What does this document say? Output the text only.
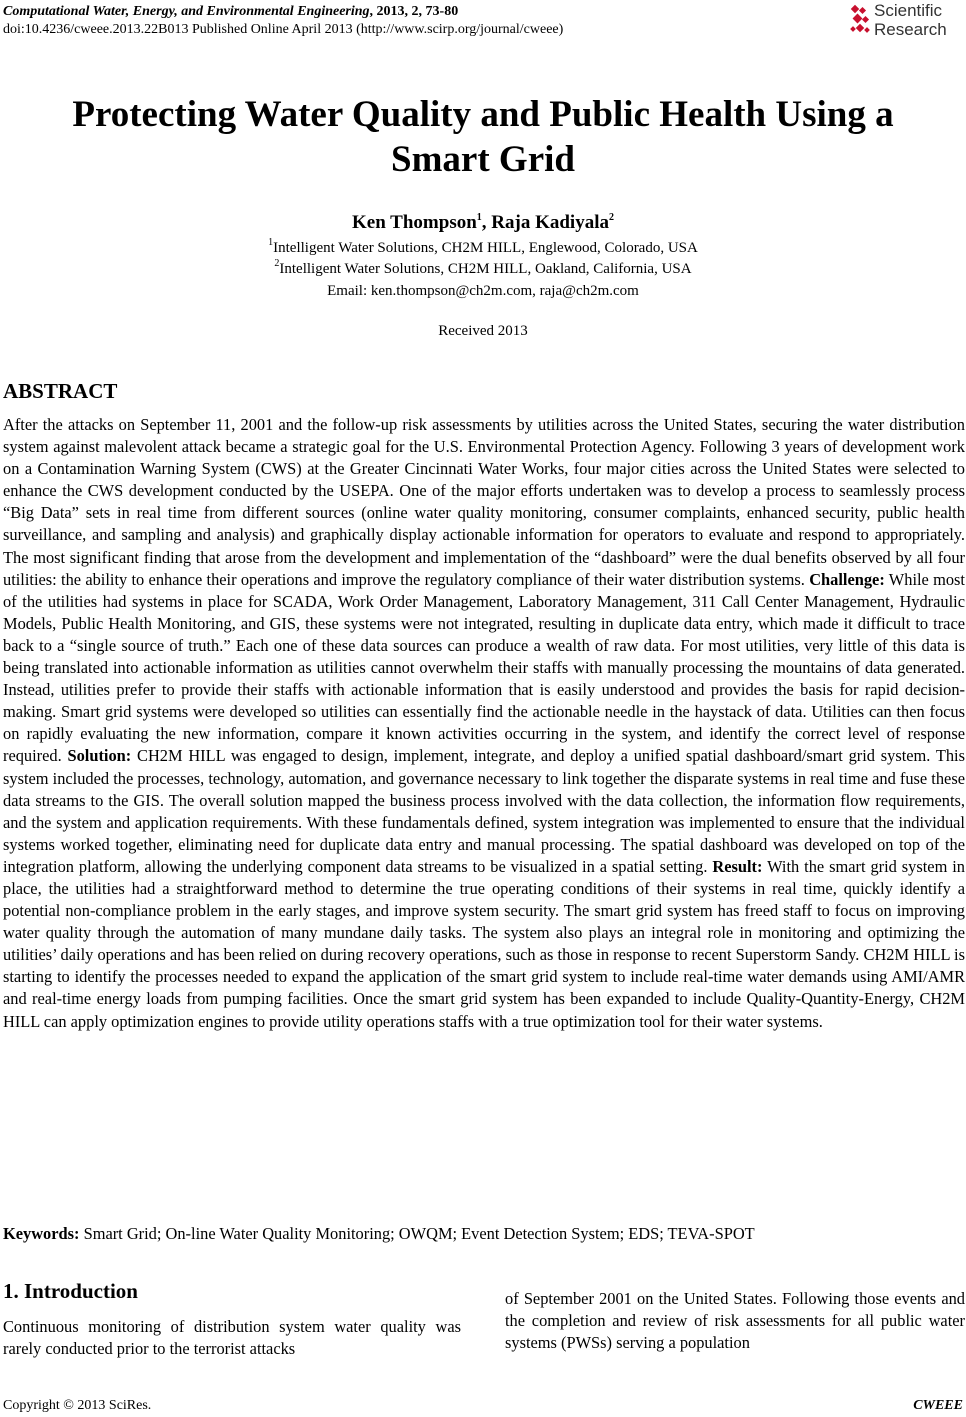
Computational Water, Energy, and Environmental Engineering, 2013, 2, 73-80
doi:10.4236/cweee.2013.22B013 Published Online April 2013 (http://www.scirp.org/journal/cweee)
Scientific
Research
Protecting Water Quality and Public Health Using a
Smart Grid
Ken Thompson$^1$, Raja Kadiyala$^2$
$^1$Intelligent Water Solutions, CH2M HILL, Englewood, Colorado, USA
$^2$Intelligent Water Solutions, CH2M HILL, Oakland, California, USA
Email: ken.thompson@ch2m.com, raja@ch2m.com
Received 2013
ABSTRACT
After the attacks on September 11, 2001 and the follow-up risk assessments by utilities across the United States, securing the water distribution system against malevolent attack became a strategic goal for the U.S. Environmental Protection Agency. Following 3 years of development work on a Contamination Warning System (CWS) at the Greater Cincinnati Water Works, four major cities across the United States were selected to enhance the CWS development conducted by the USEPA. One of the major efforts undertaken was to develop a process to seamlessly process “Big Data” sets in real time from different sources (online water quality monitoring, consumer complaints, enhanced security, public health surveillance, and sampling and analysis) and graphically display actionable information for operators to evaluate and respond to appropriately. The most significant finding that arose from the development and implementation of the “dashboard” were the dual benefits observed by all four utilities: the ability to enhance their operations and improve the regulatory compliance of their water distribution systems. Challenge: While most of the utilities had systems in place for SCADA, Work Order Management, Laboratory Management, 311 Call Center Management, Hydraulic Models, Public Health Monitoring, and GIS, these systems were not integrated, resulting in duplicate data entry, which made it difficult to trace back to a “single source of truth.” Each one of these data sources can produce a wealth of raw data. For most utilities, very little of this data is being translated into actionable information as utilities cannot overwhelm their staffs with manually processing the mountains of data generated. Instead, utilities prefer to provide their staffs with actionable information that is easily understood and provides the basis for rapid decision-making. Smart grid systems were developed so utilities can essentially find the actionable needle in the haystack of data. Utilities can then focus on rapidly evaluating the new information, compare it known activities occurring in the system, and identify the correct level of response required. Solution: CH2M HILL was engaged to design, implement, integrate, and deploy a unified spatial dashboard/smart grid system. This system included the processes, technology, automation, and governance necessary to link together the disparate systems in real time and fuse these data streams to the GIS. The overall solution mapped the business process involved with the data collection, the information flow requirements, and the system and application requirements. With these fundamentals defined, system integration was implemented to ensure that the individual systems worked together, eliminating need for duplicate data entry and manual processing. The spatial dashboard was developed on top of the integration platform, allowing the underlying component data streams to be visualized in a spatial setting. Result: With the smart grid system in place, the utilities had a straightforward method to determine the true operating conditions of their systems in real time, quickly identify a potential non-compliance problem in the early stages, and improve system security. The smart grid system has freed staff to focus on improving water quality through the automation of many mundane daily tasks. The system also plays an integral role in monitoring and optimizing the utilities’ daily operations and has been relied on during recovery operations, such as those in response to recent Superstorm Sandy. CH2M HILL is starting to identify the processes needed to expand the application of the smart grid system to include real-time water demands using AMI/AMR and real-time energy loads from pumping facilities. Once the smart grid system has been expanded to include Quality-Quantity-Energy, CH2M HILL can apply optimization engines to provide utility operations staffs with a true optimization tool for their water systems.
Keywords: Smart Grid; On-line Water Quality Monitoring; OWQM; Event Detection System; EDS; TEVA-SPOT
1. Introduction
Continuous monitoring of distribution system water quality was rarely conducted prior to the terrorist attacks
of September 2001 on the United States. Following those events and the completion and review of risk assessments for all public water systems (PWSs) serving a population
Copyright © 2013 SciRes.	CWEEE
